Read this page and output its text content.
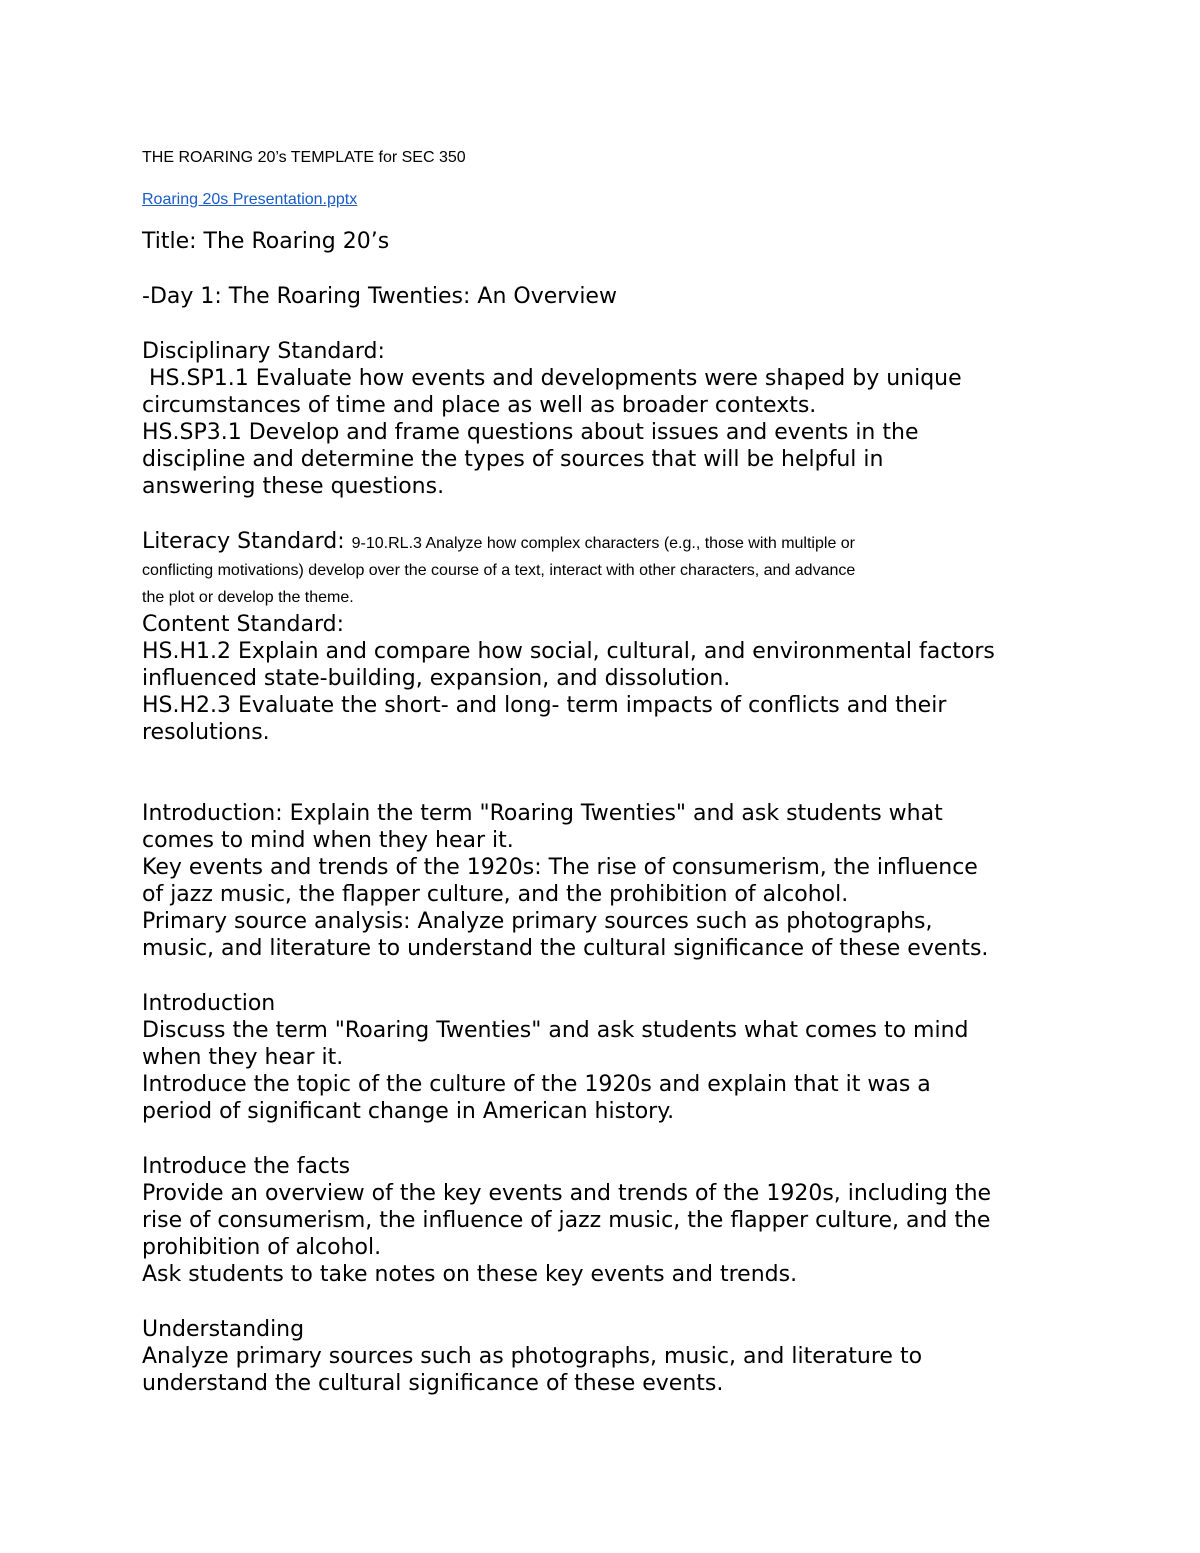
THE ROARING 20’s TEMPLATE for SEC 350

Roaring 20s Presentation.pptx

Title: The Roaring 20’s

-Day 1: The Roaring Twenties: An Overview

Disciplinary Standard:

HS.SP1.1 Evaluate how events and developments were shaped by unique

circumstances of time and place as well as broader contexts.

HS.SP3.1 Develop and frame questions about issues and events in the

discipline and determine the types of sources that will be helpful in

answering these questions.

Literacy Standard: 9-10.RL.3 Analyze how complex characters (e.g., those with multiple or

conflicting motivations) develop over the course of a text, interact with other characters, and advance

the plot or develop the theme.

Content Standard:

HS.H1.2 Explain and compare how social, cultural, and environmental factors

influenced state-building, expansion, and dissolution.

HS.H2.3 Evaluate the short- and long- term impacts of conflicts and their

resolutions.

Introduction: Explain the term "Roaring Twenties" and ask students what

comes to mind when they hear it.

Key events and trends of the 1920s: The rise of consumerism, the influence

of jazz music, the flapper culture, and the prohibition of alcohol.

Primary source analysis: Analyze primary sources such as photographs,

music, and literature to understand the cultural significance of these events.

Introduction

Discuss the term "Roaring Twenties" and ask students what comes to mind

when they hear it.

Introduce the topic of the culture of the 1920s and explain that it was a

period of significant change in American history.

Introduce the facts

Provide an overview of the key events and trends of the 1920s, including the

rise of consumerism, the influence of jazz music, the flapper culture, and the

prohibition of alcohol.

Ask students to take notes on these key events and trends.

Understanding

Analyze primary sources such as photographs, music, and literature to

understand the cultural significance of these events.
